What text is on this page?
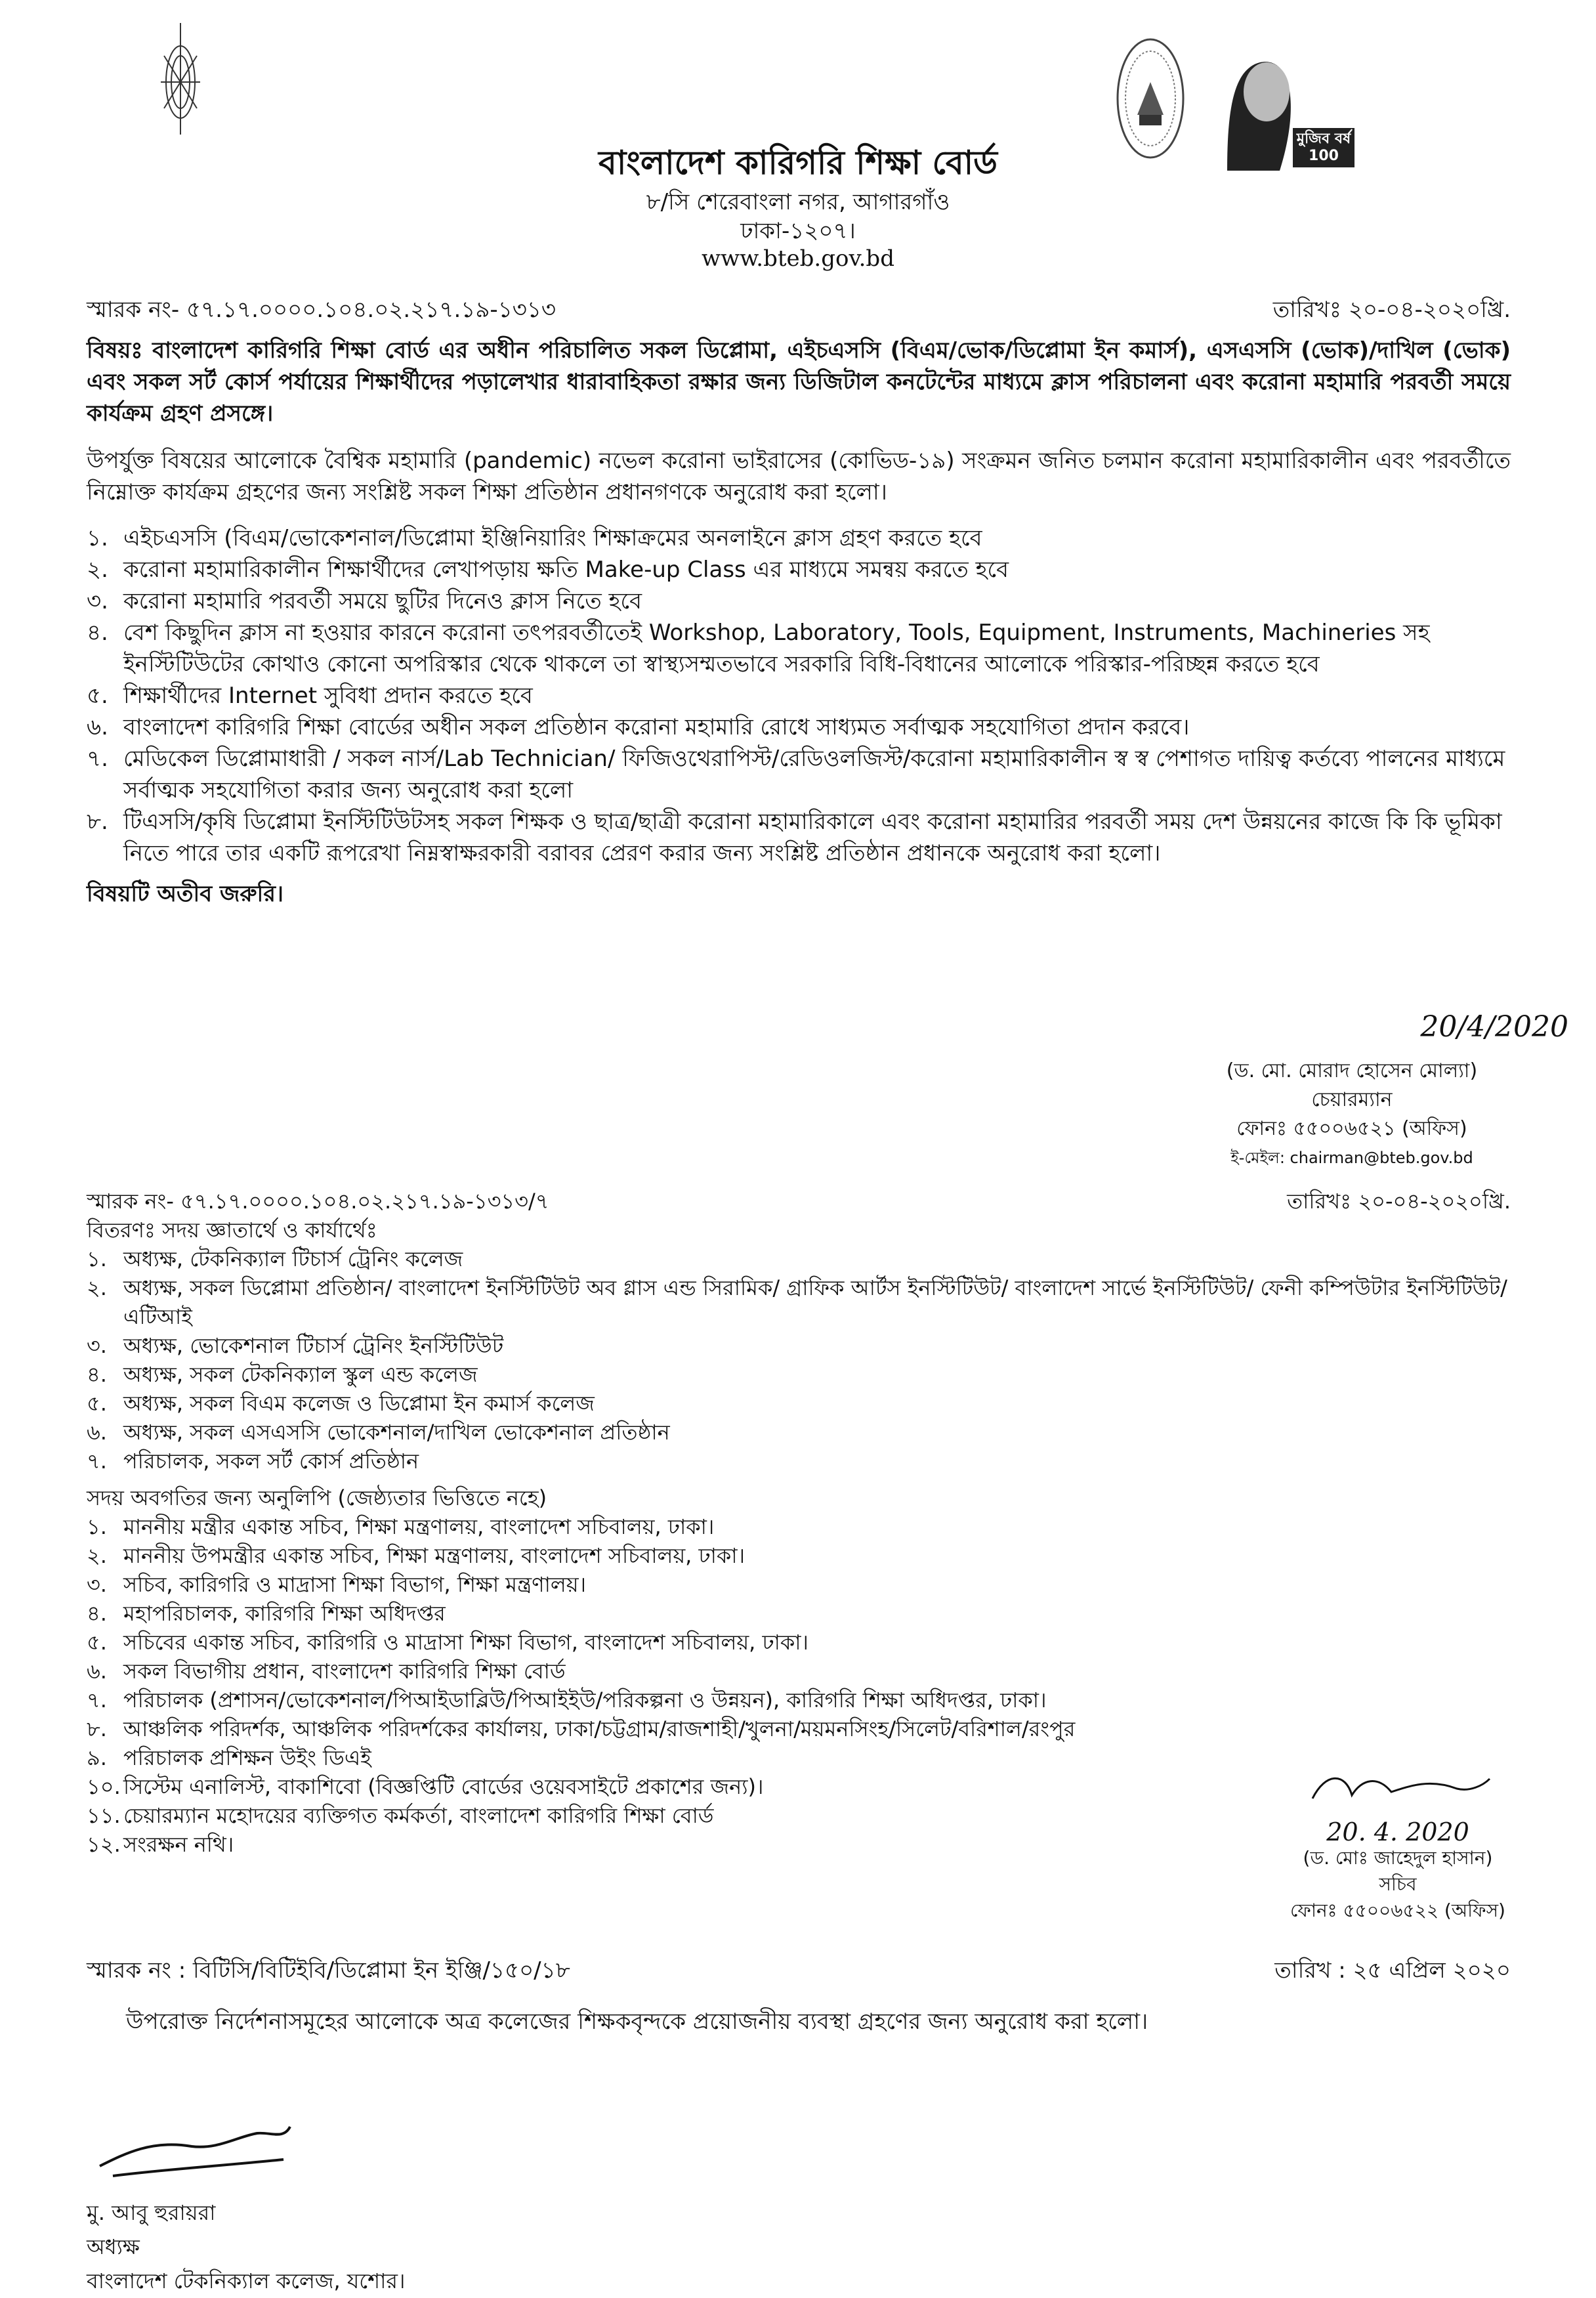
মুজিব বর্ষ 100
বাংলাদেশ কারিগরি শিক্ষা বোর্ড
৮/সি শেরেবাংলা নগর, আগারগাঁও
ঢাকা-১২০৭।
www.bteb.gov.bd
স্মারক নং- ৫৭.১৭.০০০০.১০৪.০২.২১৭.১৯-১৩১৩	তারিখঃ ২০-০৪-২০২০খ্রি.
বিষয়ঃ বাংলাদেশ কারিগরি শিক্ষা বোর্ড এর অধীন পরিচালিত সকল ডিপ্লোমা, এইচএসসি (বিএম/ভোক/ডিপ্লোমা ইন কমার্স), এসএসসি (ভোক)/দাখিল (ভোক) এবং সকল সর্ট কোর্স পর্যায়ের শিক্ষার্থীদের পড়ালেখার ধারাবাহিকতা রক্ষার জন্য ডিজিটাল কনটেন্টের মাধ্যমে ক্লাস পরিচালনা এবং করোনা মহামারি পরবর্তী সময়ে কার্যক্রম গ্রহণ প্রসঙ্গে।
উপর্যুক্ত বিষয়ের আলোকে বৈশ্বিক মহামারি (pandemic) নভেল করোনা ভাইরাসের (কোভিড-১৯) সংক্রমন জনিত চলমান করোনা মহামারিকালীন এবং পরবর্তীতে নিম্নোক্ত কার্যক্রম গ্রহণের জন্য সংশ্লিষ্ট সকল শিক্ষা প্রতিষ্ঠান প্রধানগণকে অনুরোধ করা হলো।
১. এইচএসসি (বিএম/ভোকেশনাল/ডিপ্লোমা ইঞ্জিনিয়ারিং শিক্ষাক্রমের অনলাইনে ক্লাস গ্রহণ করতে হবে
২. করোনা মহামারিকালীন শিক্ষার্থীদের লেখাপড়ায় ক্ষতি Make-up Class এর মাধ্যমে সমন্বয় করতে হবে
৩. করোনা মহামারি পরবর্তী সময়ে ছুটির দিনেও ক্লাস নিতে হবে
৪. বেশ কিছুদিন ক্লাস না হওয়ার কারনে করোনা তৎপরবর্তীতেই Workshop, Laboratory, Tools, Equipment, Instruments, Machineries সহ ইনস্টিটিউটের কোথাও কোনো অপরিস্কার থেকে থাকলে তা স্বাস্থ্যসম্মতভাবে সরকারি বিধি-বিধানের আলোকে পরিস্কার-পরিচ্ছন্ন করতে হবে
৫. শিক্ষার্থীদের Internet সুবিধা প্রদান করতে হবে
৬. বাংলাদেশ কারিগরি শিক্ষা বোর্ডের অধীন সকল প্রতিষ্ঠান করোনা মহামারি রোধে সাধ্যমত সর্বাত্মক সহযোগিতা প্রদান করবে।
৭. মেডিকেল ডিপ্লোমাধারী / সকল নার্স/Lab Technician/ ফিজিওথেরাপিস্ট/রেডিওলজিস্ট/করোনা মহামারিকালীন স্ব স্ব পেশাগত দায়িত্ব কর্তব্যে পালনের মাধ্যমে সর্বাত্মক সহযোগিতা করার জন্য অনুরোধ করা হলো
৮. টিএসসি/কৃষি ডিপ্লোমা ইনস্টিটিউটসহ সকল শিক্ষক ও ছাত্র/ছাত্রী করোনা মহামারিকালে এবং করোনা মহামারির পরবর্তী সময় দেশ উন্নয়নের কাজে কি কি ভূমিকা নিতে পারে তার একটি রূপরেখা নিম্নস্বাক্ষরকারী বরাবর প্রেরণ করার জন্য সংশ্লিষ্ট প্রতিষ্ঠান প্রধানকে অনুরোধ করা হলো।
বিষয়টি অতীব জরুরি।
20/4/2020
(ড. মো. মোরাদ হোসেন মোল্যা)
চেয়ারম্যান
ফোনঃ ৫৫০০৬৫২১ (অফিস)
ই-মেইল: chairman@bteb.gov.bd
স্মারক নং- ৫৭.১৭.০০০০.১০৪.০২.২১৭.১৯-১৩১৩/৭	তারিখঃ ২০-০৪-২০২০খ্রি.
বিতরণঃ সদয় জ্ঞাতার্থে ও কার্যার্থেঃ
১. অধ্যক্ষ, টেকনিক্যাল টিচার্স ট্রেনিং কলেজ
২. অধ্যক্ষ, সকল ডিপ্লোমা প্রতিষ্ঠান/ বাংলাদেশ ইনস্টিটিউট অব গ্লাস এন্ড সিরামিক/ গ্রাফিক আর্টস ইনস্টিটিউট/ বাংলাদেশ সার্ভে ইনস্টিটিউট/ ফেনী কম্পিউটার ইনস্টিটিউট/ এটিআই
৩. অধ্যক্ষ, ভোকেশনাল টিচার্স ট্রেনিং ইনস্টিটিউট
৪. অধ্যক্ষ, সকল টেকনিক্যাল স্কুল এন্ড কলেজ
৫. অধ্যক্ষ, সকল বিএম কলেজ ও ডিপ্লোমা ইন কমার্স কলেজ
৬. অধ্যক্ষ, সকল এসএসসি ভোকেশনাল/দাখিল ভোকেশনাল প্রতিষ্ঠান
৭. পরিচালক, সকল সর্ট কোর্স প্রতিষ্ঠান
সদয় অবগতির জন্য অনুলিপি (জেষ্ঠ্যতার ভিত্তিতে নহে)
১. মাননীয় মন্ত্রীর একান্ত সচিব, শিক্ষা মন্ত্রণালয়, বাংলাদেশ সচিবালয়, ঢাকা।
২. মাননীয় উপমন্ত্রীর একান্ত সচিব, শিক্ষা মন্ত্রণালয়, বাংলাদেশ সচিবালয়, ঢাকা।
৩. সচিব, কারিগরি ও মাদ্রাসা শিক্ষা বিভাগ, শিক্ষা মন্ত্রণালয়।
৪. মহাপরিচালক, কারিগরি শিক্ষা অধিদপ্তর
৫. সচিবের একান্ত সচিব, কারিগরি ও মাদ্রাসা শিক্ষা বিভাগ, বাংলাদেশ সচিবালয়, ঢাকা।
৬. সকল বিভাগীয় প্রধান, বাংলাদেশ কারিগরি শিক্ষা বোর্ড
৭. পরিচালক (প্রশাসন/ভোকেশনাল/পিআইডাব্লিউ/পিআইইউ/পরিকল্পনা ও উন্নয়ন), কারিগরি শিক্ষা অধিদপ্তর, ঢাকা।
৮. আঞ্চলিক পরিদর্শক, আঞ্চলিক পরিদর্শকের কার্যালয়, ঢাকা/চট্টগ্রাম/রাজশাহী/খুলনা/ময়মনসিংহ/সিলেট/বরিশাল/রংপুর
৯. পরিচালক প্রশিক্ষন উইং ডিএই
১০. সিস্টেম এনালিস্ট, বাকাশিবো (বিজ্ঞপ্তিটি বোর্ডের ওয়েবসাইটে প্রকাশের জন্য)।
১১. চেয়ারম্যান মহোদয়ের ব্যক্তিগত কর্মকর্তা, বাংলাদেশ কারিগরি শিক্ষা বোর্ড
১২. সংরক্ষন নথি।	20. 4. 2020
(ড. মোঃ জাহেদুল হাসান)
সচিব
ফোনঃ ৫৫০০৬৫২২ (অফিস)
স্মারক নং : বিটিসি/বিটিইবি/ডিপ্লোমা ইন ইঞ্জি/১৫০/১৮	তারিখ : ২৫ এপ্রিল ২০২০
উপরোক্ত নির্দেশনাসমূহের আলোকে অত্র কলেজের শিক্ষকবৃন্দকে প্রয়োজনীয় ব্যবস্থা গ্রহণের জন্য অনুরোধ করা হলো।
মু. আবু হুরায়রা
অধ্যক্ষ
বাংলাদেশ টেকনিক্যাল কলেজ, যশোর।
